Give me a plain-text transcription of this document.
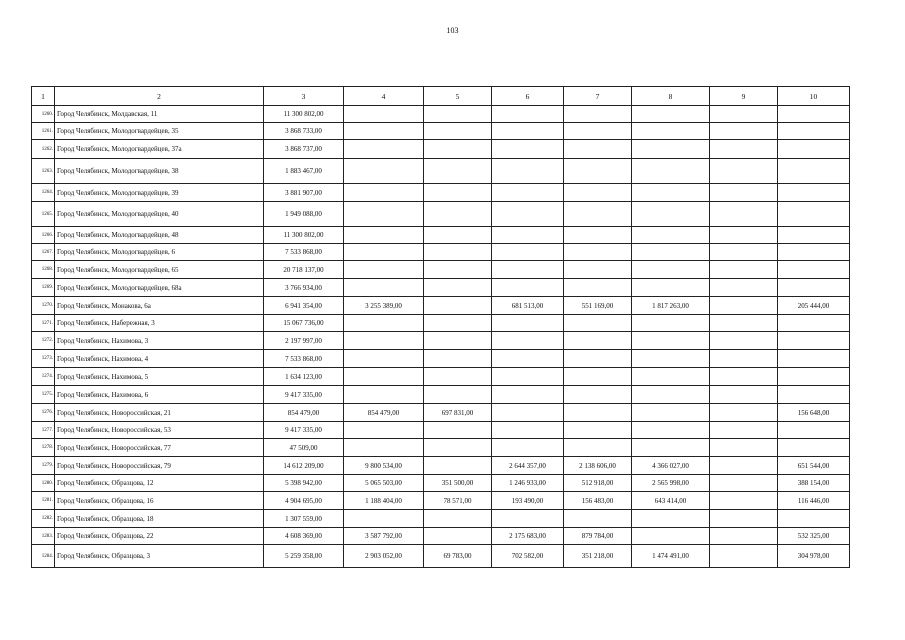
103
1	2	3	4	5	6	7	8	9	10
1260.	Город Челябинск, Молдавская, 11	11 300 802,00							
1261.	Город Челябинск, Молодогвардейцев, 35	3 868 733,00							
1262.	Город Челябинск, Молодогвардейцев, 37а	3 868 737,00							
1263.	Город Челябинск, Молодогвардейцев, 38	1 883 467,00							
1264.	Город Челябинск, Молодогвардейцев, 39	3 881 907,00							
1265.	Город Челябинск, Молодогвардейцев, 40	1 949 088,00							
1266.	Город Челябинск, Молодогвардейцев, 48	11 300 802,00							
1267.	Город Челябинск, Молодогвардейцев, 6	7 533 868,00							
1268.	Город Челябинск, Молодогвардейцев, 65	20 718 137,00							
1269.	Город Челябинск, Молодогвардейцев, 68а	3 766 934,00							
1270.	Город Челябинск, Монакова, 6а	6 941 354,00	3 255 389,00		681 513,00	551 169,00	1 817 263,00		205 444,00
1271.	Город Челябинск, Набережная, 3	15 067 736,00							
1272.	Город Челябинск, Нахимова, 3	2 197 997,00							
1273.	Город Челябинск, Нахимова, 4	7 533 868,00							
1274.	Город Челябинск, Нахимова, 5	1 634 123,00							
1275.	Город Челябинск, Нахимова, 6	9 417 335,00							
1276.	Город Челябинск, Новороссийская, 21	854 479,00	854 479,00	697 831,00					156 648,00
1277.	Город Челябинск, Новороссийская, 53	9 417 335,00							
1278.	Город Челябинск, Новороссийская, 77	47 509,00							
1279.	Город Челябинск, Новороссийская, 79	14 612 209,00	9 800 534,00		2 644 357,00	2 138 606,00	4 366 027,00		651 544,00
1280.	Город Челябинск, Образцова, 12	5 398 942,00	5 065 503,00	351 500,00	1 246 933,00	512 918,00	2 565 998,00		388 154,00
1281.	Город Челябинск, Образцова, 16	4 904 695,00	1 188 404,00	78 571,00	193 490,00	156 483,00	643 414,00		116 446,00
1282.	Город Челябинск, Образцова, 18	1 307 559,00							
1283.	Город Челябинск, Образцова, 22	4 608 369,00	3 587 792,00		2 175 683,00	879 784,00			532 325,00
1284.	Город Челябинск, Образцова, 3	5 259 358,00	2 903 052,00	69 783,00	702 582,00	351 218,00	1 474 491,00		304 978,00
